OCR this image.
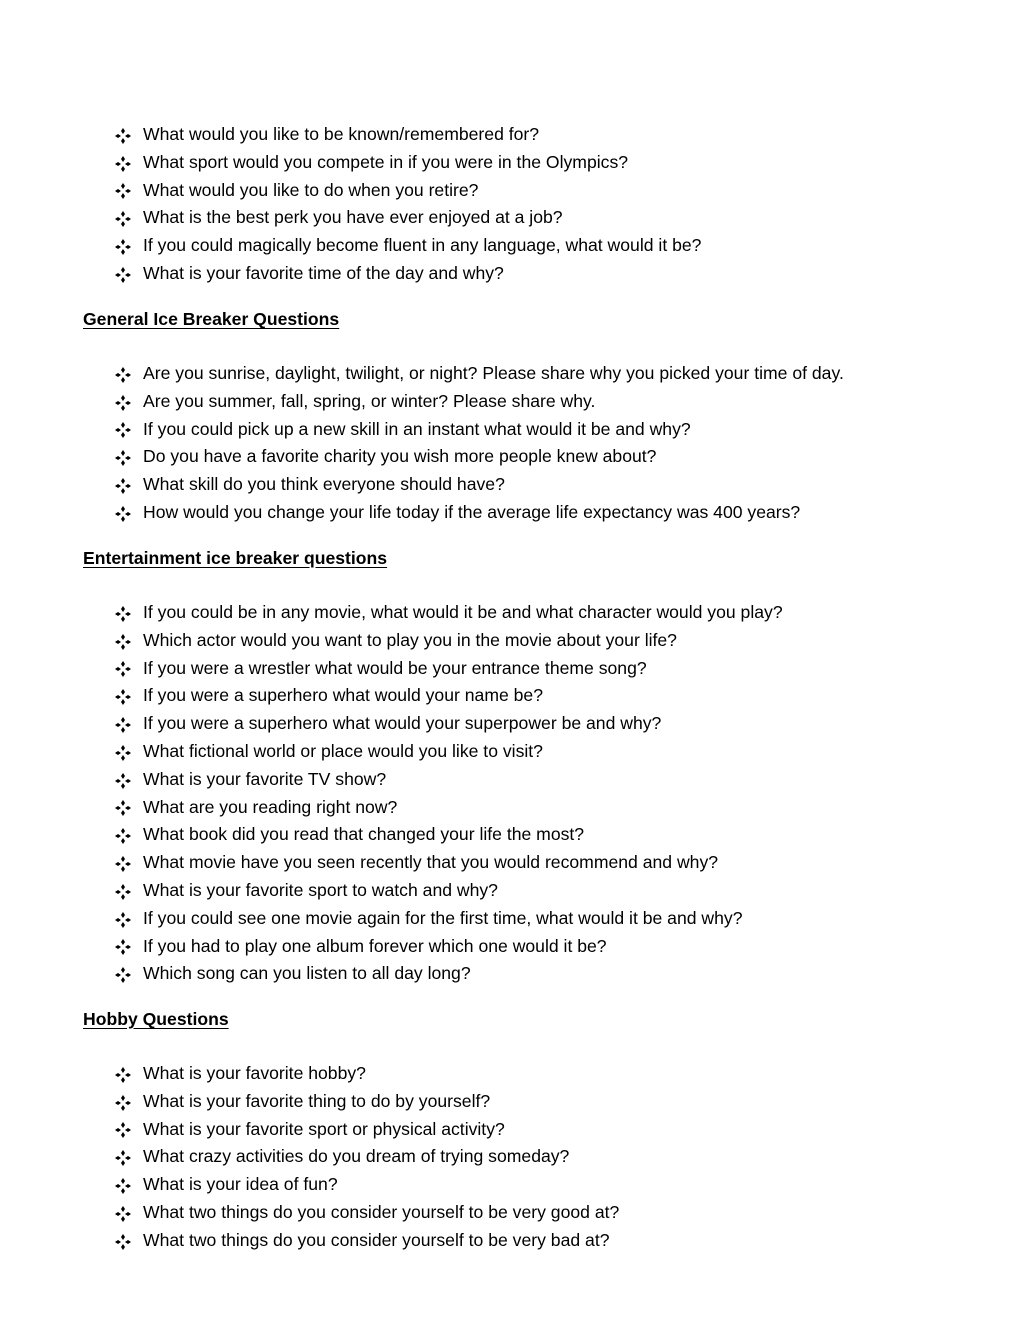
What would you like to be known/remembered for?
What sport would you compete in if you were in the Olympics?
What would you like to do when you retire?
What is the best perk you have ever enjoyed at a job?
If you could magically become fluent in any language, what would it be?
What is your favorite time of the day and why?
General Ice Breaker Questions
Are you sunrise, daylight, twilight, or night? Please share why you picked your time of day.
Are you summer, fall, spring, or winter? Please share why.
If you could pick up a new skill in an instant what would it be and why?
Do you have a favorite charity you wish more people knew about?
What skill do you think everyone should have?
How would you change your life today if the average life expectancy was 400 years?
Entertainment ice breaker questions
If you could be in any movie, what would it be and what character would you play?
Which actor would you want to play you in the movie about your life?
If you were a wrestler what would be your entrance theme song?
If you were a superhero what would your name be?
If you were a superhero what would your superpower be and why?
What fictional world or place would you like to visit?
What is your favorite TV show?
What are you reading right now?
What book did you read that changed your life the most?
What movie have you seen recently that you would recommend and why?
What is your favorite sport to watch and why?
If you could see one movie again for the first time, what would it be and why?
If you had to play one album forever which one would it be?
Which song can you listen to all day long?
Hobby Questions
What is your favorite hobby?
What is your favorite thing to do by yourself?
What is your favorite sport or physical activity?
What crazy activities do you dream of trying someday?
What is your idea of fun?
What two things do you consider yourself to be very good at?
What two things do you consider yourself to be very bad at?
